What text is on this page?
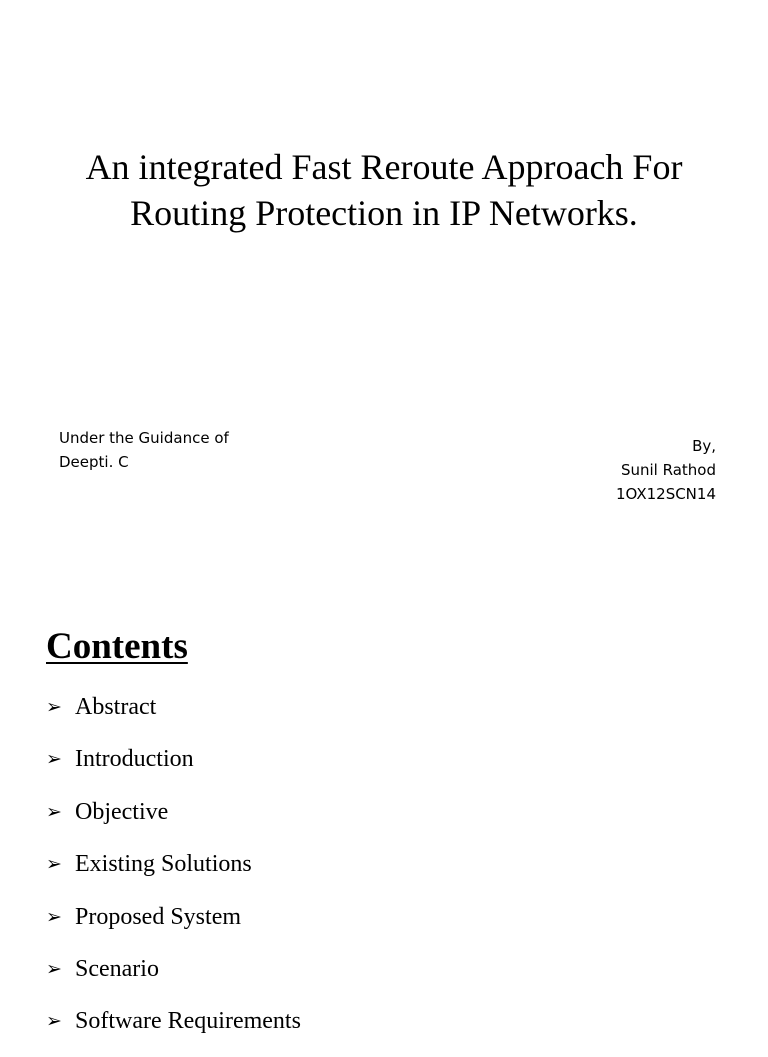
An integrated Fast Reroute Approach For
Routing Protection in IP Networks.
Under the Guidance of
Deepti. C
By,
Sunil Rathod
1OX12SCN14
Contents
➢ Abstract
➢ Introduction
➢ Objective
➢ Existing Solutions
➢ Proposed System
➢ Scenario
➢ Software Requirements
